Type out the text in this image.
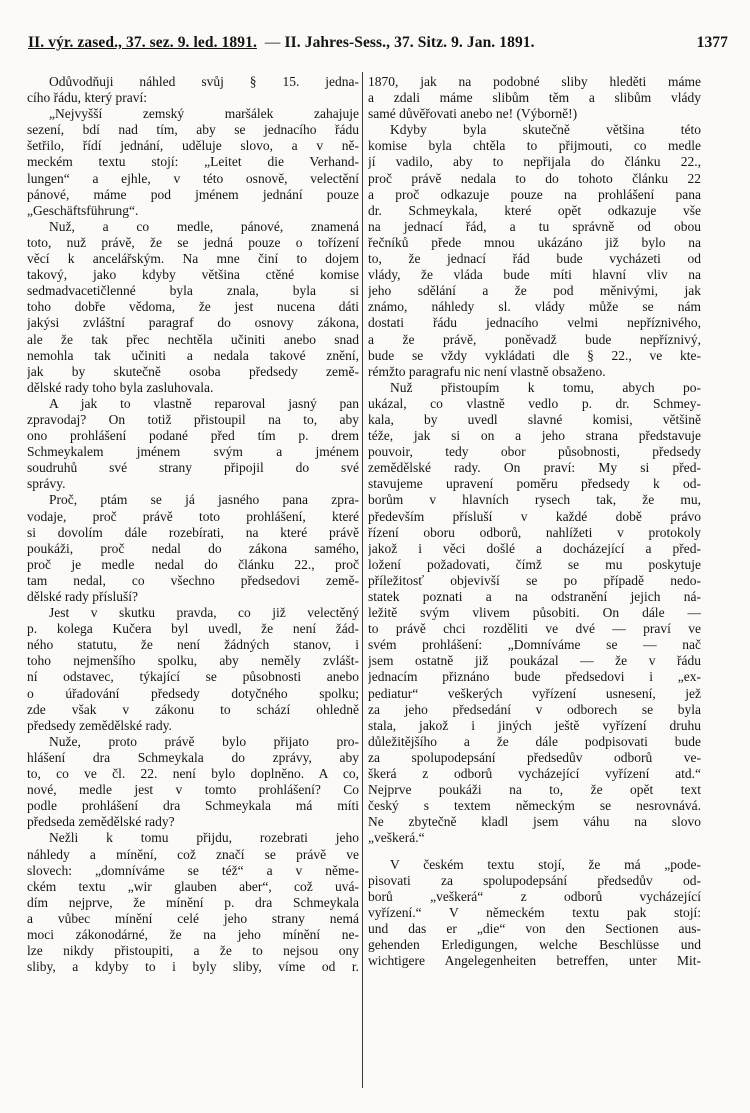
II. výr. zased., 37. sez. 9. led. 1891. — II. Jahres-Sess., 37. Sitz. 9. Jan. 1891.	1377
Odůvodňuji náhled svůj § 15. jedna-
cího řádu, který praví:
„Nejvyšší zemský maršálek zahajuje
sezení, bdí nad tím, aby se jednacího řádu
šetřilo, řídí jednání, uděluje slovo, a v ně-
meckém textu stojí: „Leitet die Verhand-
lungen“ a ejhle, v této osnově, velectění
pánové, máme pod jménem jednání pouze
„Geschäftsführung“.
Nuž, a co medle, pánové, znamená
toto, nuž právě, že se jedná pouze o tořízení
věcí k ancelářským. Na mne činí to dojem
takový, jako kdyby většina ctěné komise
sedmadvacetičlenné byla znala, byla si
toho dobře vědoma, že jest nucena dáti
jakýsi zvláštní paragraf do osnovy zákona,
ale že tak přec nechtěla učiniti anebo snad
nemohla tak učiniti a nedala takové znění,
jak by skutečně osoba předsedy země-
dělské rady toho byla zasluhovala.
A jak to vlastně reparoval jasný pan
zpravodaj? On totiž přistoupil na to, aby
ono prohlášení podané před tím p. drem
Schmeykalem jménem svým a jménem
soudruhů své strany připojil do své
správy.
Proč, ptám se já jasného pana zpra-
vodaje, proč právě toto prohlášení, které
si dovolím dále rozebírati, na které právě
poukáži, proč nedal do zákona samého,
proč je medle nedal do článku 22., proč
tam nedal, co všechno předsedovi země-
dělské rady přísluší?
Jest v skutku pravda, co již velectěný
p. kolega Kučera byl uvedl, že není žád-
ného statutu, že není žádných stanov, i
toho nejmenšího spolku, aby neměly zvlášt-
ní odstavec, týkající se působnosti anebo
o úřadování předsedy dotyčného spolku;
zde však v zákonu to schází ohledně
předsedy zemědělské rady.
Nuže, proto právě bylo přijato pro-
hlášení dra Schmeykala do zprávy, aby
to, co ve čl. 22. není bylo doplněno. A co,
nové, medle jest v tomto prohlášení? Co
podle prohlášení dra Schmeykala má míti
předseda zemědělské rady?
Nežli k tomu přijdu, rozebrati jeho
náhledy a mínění, což značí se právě ve
slovech: „domníváme se též“ a v něme-
ckém textu „wir glauben aber“, což uvá-
dím nejprve, že mínění p. dra Schmeykala
a vůbec mínění celé jeho strany nemá
moci zákonodárné, že na jeho mínění ne-
lze nikdy přistoupiti, a že to nejsou ony
sliby, a kdyby to i byly sliby, víme od r.
1870, jak na podobné sliby hleděti máme
a zdali máme slibům těm a slibům vlády
samé důvěřovati anebo ne! (Výborně!)
Kdyby byla skutečně většina této
komise byla chtěla to přijmouti, co medle
jí vadilo, aby to nepřijala do článku 22.,
proč právě nedala to do tohoto článku 22
a proč odkazuje pouze na prohlášení pana
dr. Schmeykala, které opět odkazuje vše
na jednací řád, a tu správně od obou
řečníků přede mnou ukázáno již bylo na
to, že jednací řád bude vycházeti od
vlády, že vláda bude míti hlavní vliv na
jeho sdělání a že pod měnivými, jak
známo, náhledy sl. vlády může se nám
dostati řádu jednacího velmi nepříznivého,
a že právě, poněvadž bude nepříznivý,
bude se vždy vykládati dle § 22., ve kte-
rémžto paragrafu nic není vlastně obsaženo.
Nuž přistoupím k tomu, abych po-
ukázal, co vlastně vedlo p. dr. Schmey-
kala, by uvedl slavné komisi, většině
téže, jak si on a jeho strana představuje
pouvoir, tedy obor působnosti, předsedy
zemědělské rady. On praví: My si před-
stavujeme upravení poměru předsedy k od-
borům v hlavních rysech tak, že mu,
především přísluší v každé době právo
řízení oboru odborů, nahlížeti v protokoly
jakož i věci došlé a docházející a před-
ložení požadovati, čímž se mu poskytuje
příležitosť objevivší se po případě nedo-
statek poznati a na odstranění jejich ná-
ležitě svým vlivem působiti. On dále —
to právě chci rozděliti ve dvé — praví ve
svém prohlášení: „Domníváme se — nač
jsem ostatně již poukázal — že v řádu
jednacím přiznáno bude předsedovi i „ex-
pediatur“ veškerých vyřízení usnesení, jež
za jeho předsedání v odborech se byla
stala, jakož i jiných ještě vyřízení druhu
důležitějšího a že dále podpisovati bude
za spolupodepsání předsedův odborů ve-
škerá z odborů vycházející vyřízení atd.“
Nejprve poukáži na to, že opět text
český s textem německým se nesrovnává.
Ne zbytečně kladl jsem váhu na slovo
„veškerá.“
V českém textu stojí, že má „pode-
pisovati za spolupodepsání předsedův od-
borů „veškerá“ z odborů vycházející
vyřízení.“ V německém textu pak stojí:
und das er „die“ von den Sectionen aus-
gehenden Erledigungen, welche Beschlüsse und
wichtigere Angelegenheiten betreffen, unter Mit-
